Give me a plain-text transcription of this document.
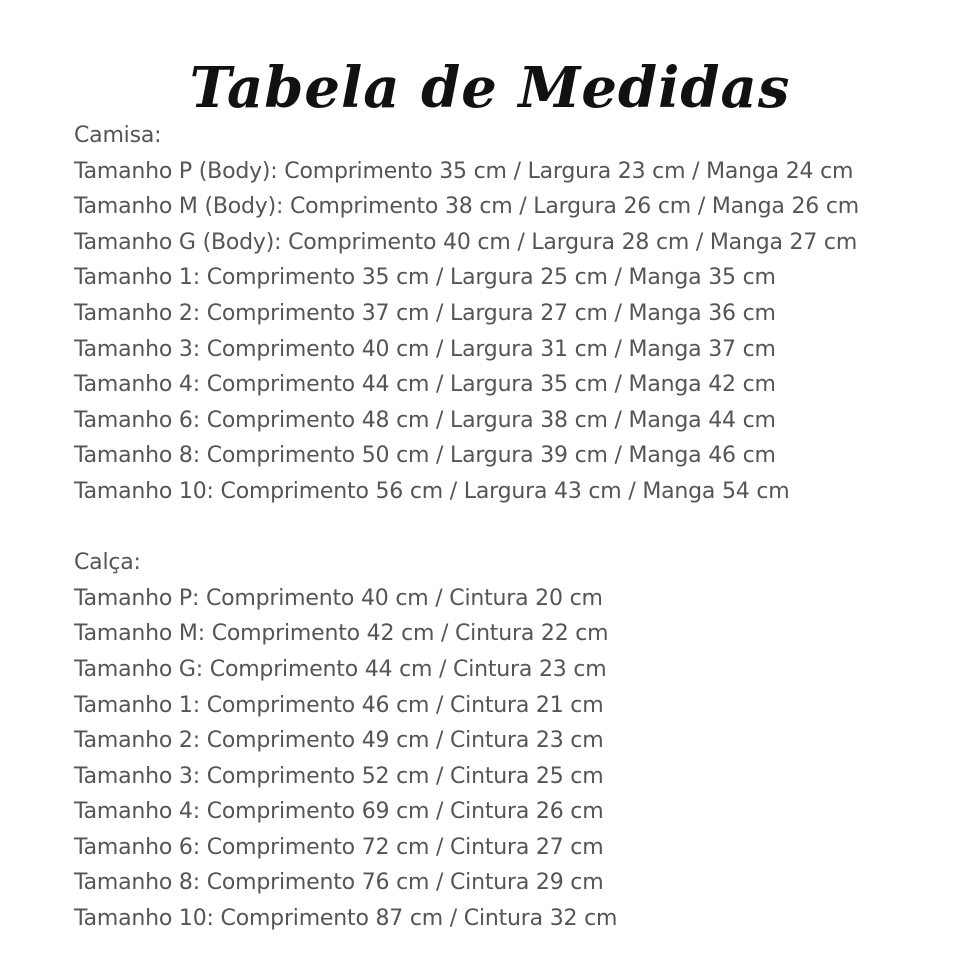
Tabela de Medidas
Camisa:
Tamanho P (Body): Comprimento 35 cm / Largura 23 cm / Manga 24 cm
Tamanho M (Body): Comprimento 38 cm / Largura 26 cm / Manga 26 cm
Tamanho G (Body): Comprimento 40 cm / Largura 28 cm / Manga 27 cm
Tamanho 1: Comprimento 35 cm / Largura 25 cm / Manga 35 cm
Tamanho 2: Comprimento 37 cm / Largura 27 cm / Manga 36 cm
Tamanho 3: Comprimento 40 cm / Largura 31 cm / Manga 37 cm
Tamanho 4: Comprimento 44 cm / Largura 35 cm / Manga 42 cm
Tamanho 6: Comprimento 48 cm / Largura 38 cm / Manga 44 cm
Tamanho 8: Comprimento 50 cm / Largura 39 cm / Manga 46 cm
Tamanho 10: Comprimento 56 cm / Largura 43 cm / Manga 54 cm
Calça:
Tamanho P: Comprimento 40 cm / Cintura 20 cm
Tamanho M: Comprimento 42 cm / Cintura 22 cm
Tamanho G: Comprimento 44 cm / Cintura 23 cm
Tamanho 1: Comprimento 46 cm / Cintura 21 cm
Tamanho 2: Comprimento 49 cm / Cintura 23 cm
Tamanho 3: Comprimento 52 cm / Cintura 25 cm
Tamanho 4: Comprimento 69 cm / Cintura 26 cm
Tamanho 6: Comprimento 72 cm / Cintura 27 cm
Tamanho 8: Comprimento 76 cm / Cintura 29 cm
Tamanho 10: Comprimento 87 cm / Cintura 32 cm
